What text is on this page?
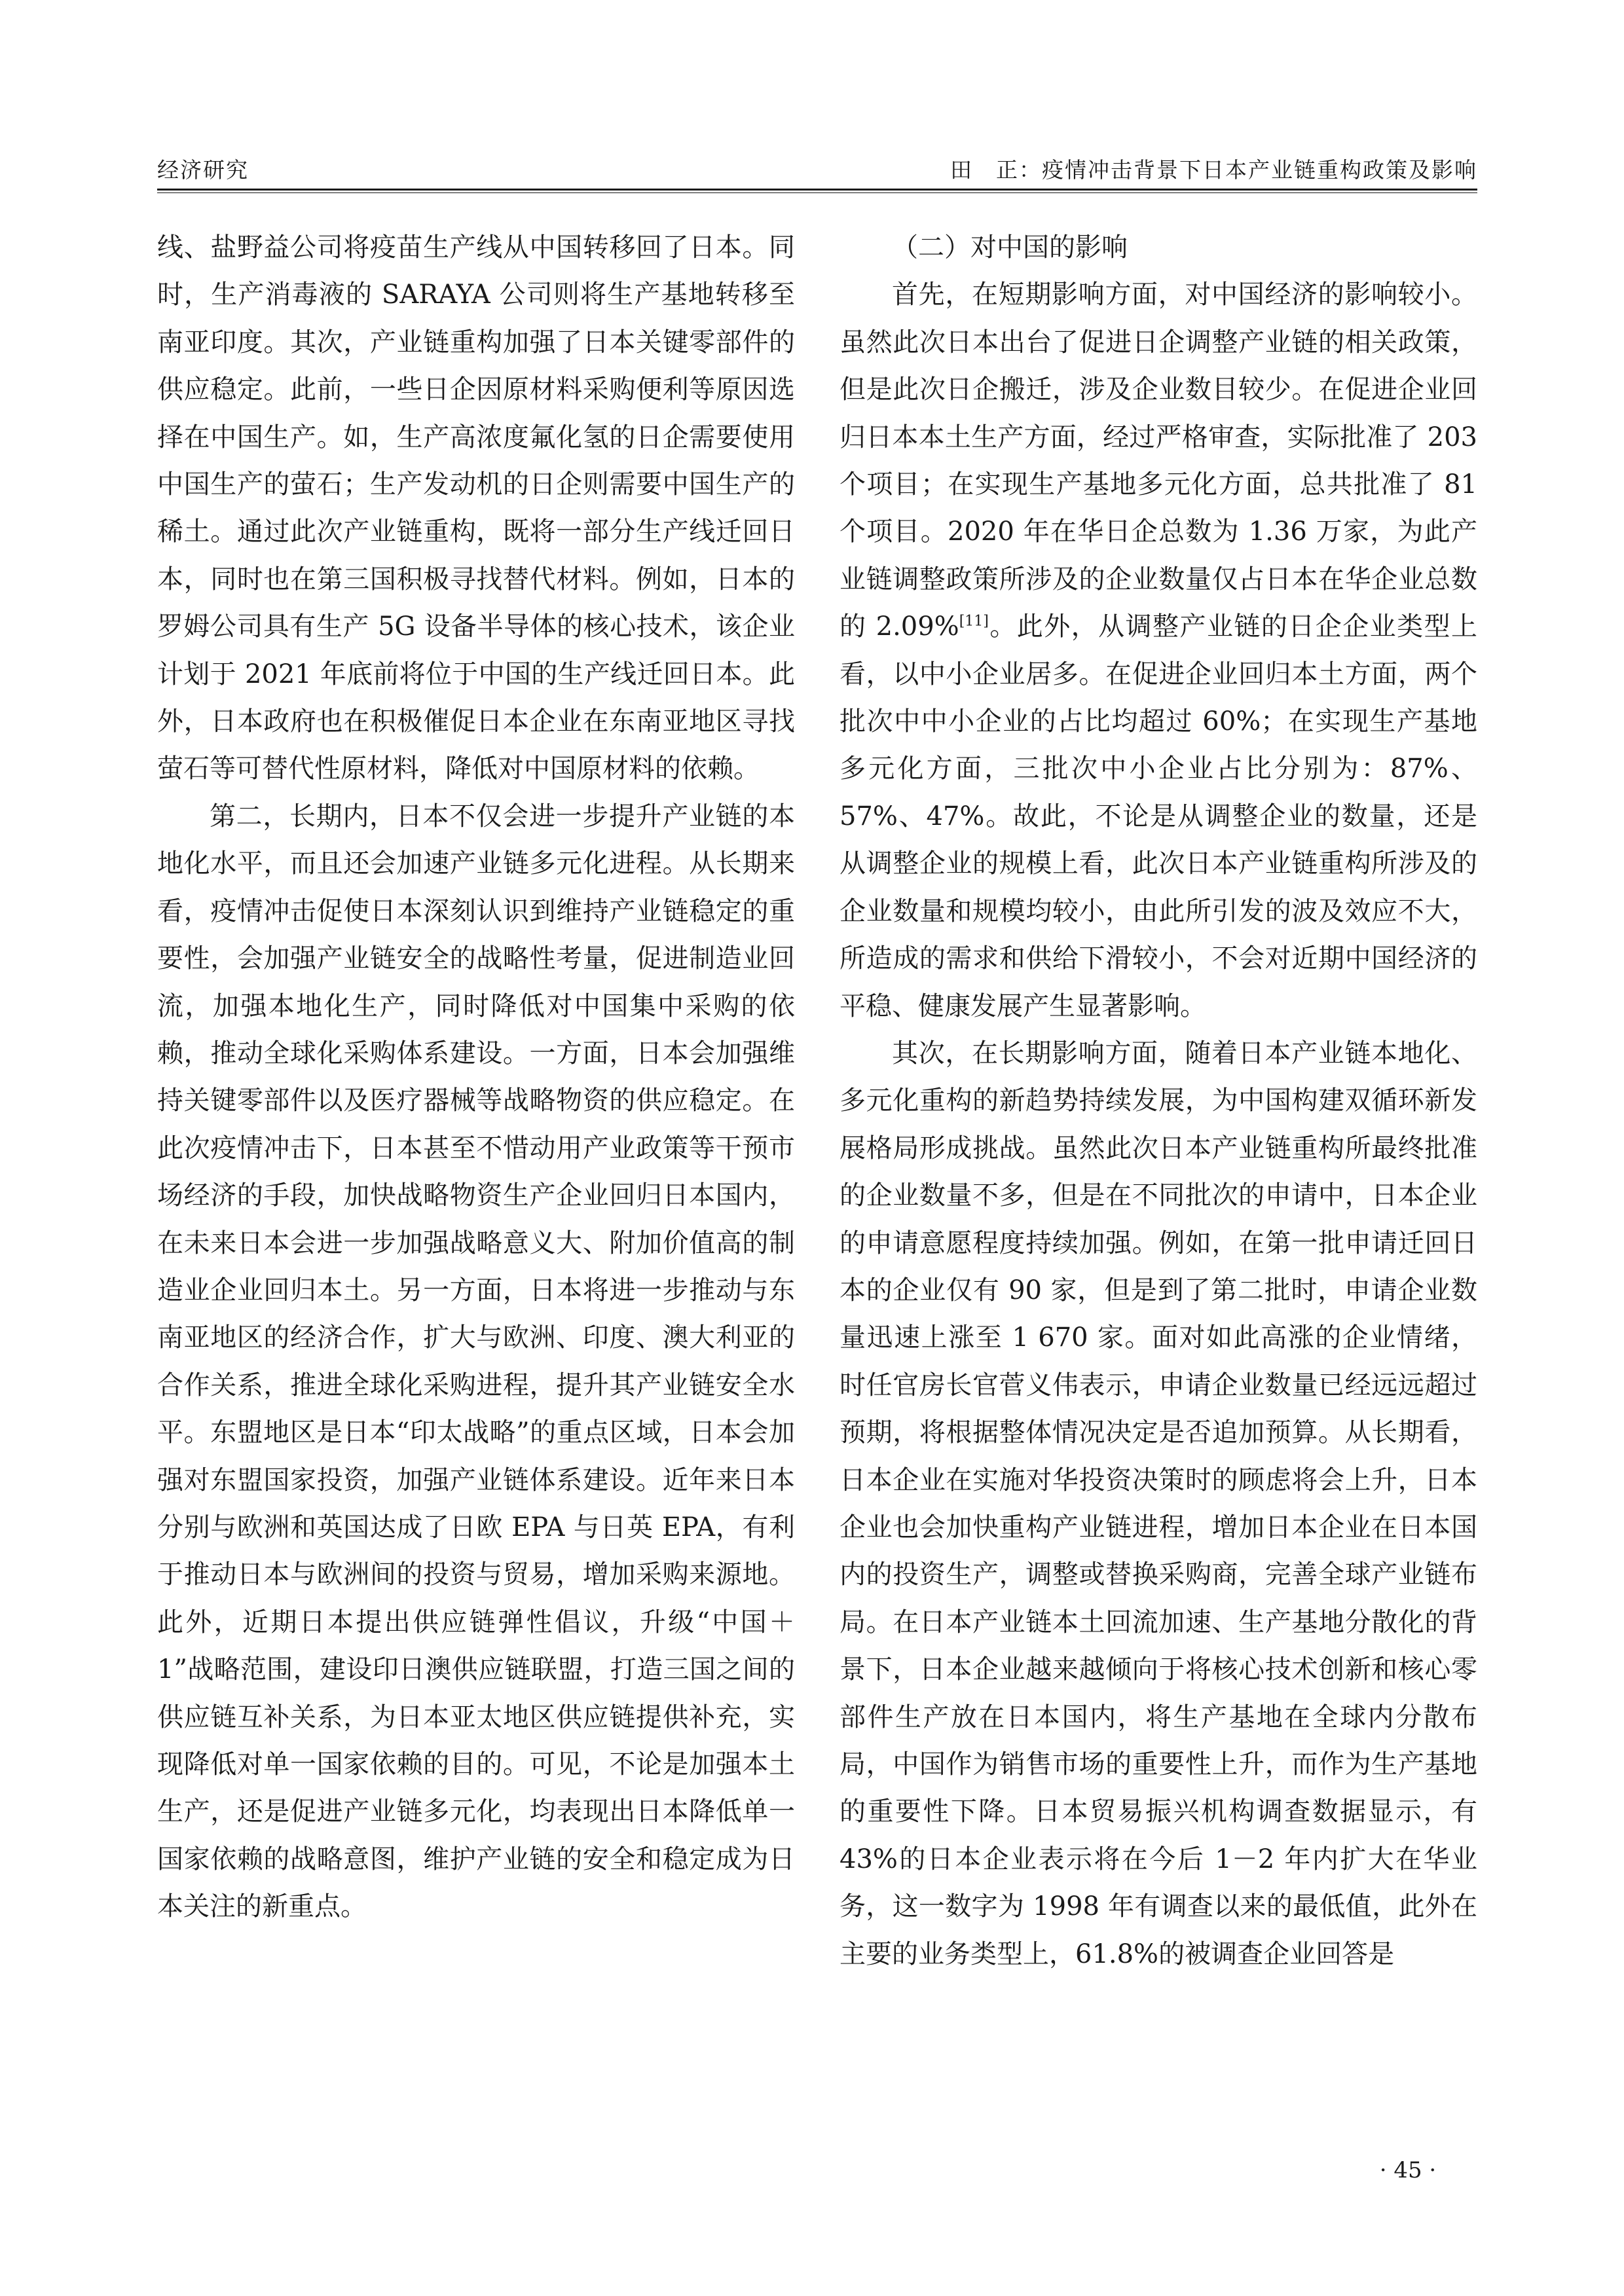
经济研究	田　正：疫情冲击背景下日本产业链重构政策及影响

线、盐野益公司将疫苗生产线从中国转移回了日本。同时，生产消毒液的 SARAYA 公司则将生产基地转移至南亚印度。其次，产业链重构加强了日本关键零部件的供应稳定。此前，一些日企因原材料采购便利等原因选择在中国生产。如，生产高浓度氟化氢的日企需要使用中国生产的萤石；生产发动机的日企则需要中国生产的稀土。通过此次产业链重构，既将一部分生产线迁回日本，同时也在第三国积极寻找替代材料。例如，日本的罗姆公司具有生产 5G 设备半导体的核心技术，该企业计划于 2021 年底前将位于中国的生产线迁回日本。此外，日本政府也在积极催促日本企业在东南亚地区寻找萤石等可替代性原材料，降低对中国原材料的依赖。

第二，长期内，日本不仅会进一步提升产业链的本地化水平，而且还会加速产业链多元化进程。从长期来看，疫情冲击促使日本深刻认识到维持产业链稳定的重要性，会加强产业链安全的战略性考量，促进制造业回流，加强本地化生产，同时降低对中国集中采购的依赖，推动全球化采购体系建设。一方面，日本会加强维持关键零部件以及医疗器械等战略物资的供应稳定。在此次疫情冲击下，日本甚至不惜动用产业政策等干预市场经济的手段，加快战略物资生产企业回归日本国内，在未来日本会进一步加强战略意义大、附加价值高的制造业企业回归本土。另一方面，日本将进一步推动与东南亚地区的经济合作，扩大与欧洲、印度、澳大利亚的合作关系，推进全球化采购进程，提升其产业链安全水平。东盟地区是日本“印太战略”的重点区域，日本会加强对东盟国家投资，加强产业链体系建设。近年来日本分别与欧洲和英国达成了日欧 EPA 与日英 EPA，有利于推动日本与欧洲间的投资与贸易，增加采购来源地。此外，近期日本提出供应链弹性倡议，升级“中国＋1”战略范围，建设印日澳供应链联盟，打造三国之间的供应链互补关系，为日本亚太地区供应链提供补充，实现降低对单一国家依赖的目的。可见，不论是加强本土生产，还是促进产业链多元化，均表现出日本降低单一国家依赖的战略意图，维护产业链的安全和稳定成为日本关注的新重点。

（二）对中国的影响

首先，在短期影响方面，对中国经济的影响较小。虽然此次日本出台了促进日企调整产业链的相关政策，但是此次日企搬迁，涉及企业数目较少。在促进企业回归日本本土生产方面，经过严格审查，实际批准了 203 个项目；在实现生产基地多元化方面，总共批准了 81 个项目。2020 年在华日企总数为 1.36 万家，为此产业链调整政策所涉及的企业数量仅占日本在华企业总数的 2.09%[11]。此外，从调整产业链的日企企业类型上看，以中小企业居多。在促进企业回归本土方面，两个批次中中小企业的占比均超过 60%；在实现生产基地多元化方面，三批次中小企业占比分别为：87%、57%、47%。故此，不论是从调整企业的数量，还是从调整企业的规模上看，此次日本产业链重构所涉及的企业数量和规模均较小，由此所引发的波及效应不大，所造成的需求和供给下滑较小，不会对近期中国经济的平稳、健康发展产生显著影响。

其次，在长期影响方面，随着日本产业链本地化、多元化重构的新趋势持续发展，为中国构建双循环新发展格局形成挑战。虽然此次日本产业链重构所最终批准的企业数量不多，但是在不同批次的申请中，日本企业的申请意愿程度持续加强。例如，在第一批申请迁回日本的企业仅有 90 家，但是到了第二批时，申请企业数量迅速上涨至 1 670 家。面对如此高涨的企业情绪，时任官房长官菅义伟表示，申请企业数量已经远远超过预期，将根据整体情况决定是否追加预算。从长期看，日本企业在实施对华投资决策时的顾虑将会上升，日本企业也会加快重构产业链进程，增加日本企业在日本国内的投资生产，调整或替换采购商，完善全球产业链布局。在日本产业链本土回流加速、生产基地分散化的背景下，日本企业越来越倾向于将核心技术创新和核心零部件生产放在日本国内，将生产基地在全球内分散布局，中国作为销售市场的重要性上升，而作为生产基地的重要性下降。日本贸易振兴机构调查数据显示，有 43%的日本企业表示将在今后 1－2 年内扩大在华业务，这一数字为 1998 年有调查以来的最低值，此外在主要的业务类型上，61.8%的被调查企业回答是

· 45 ·
